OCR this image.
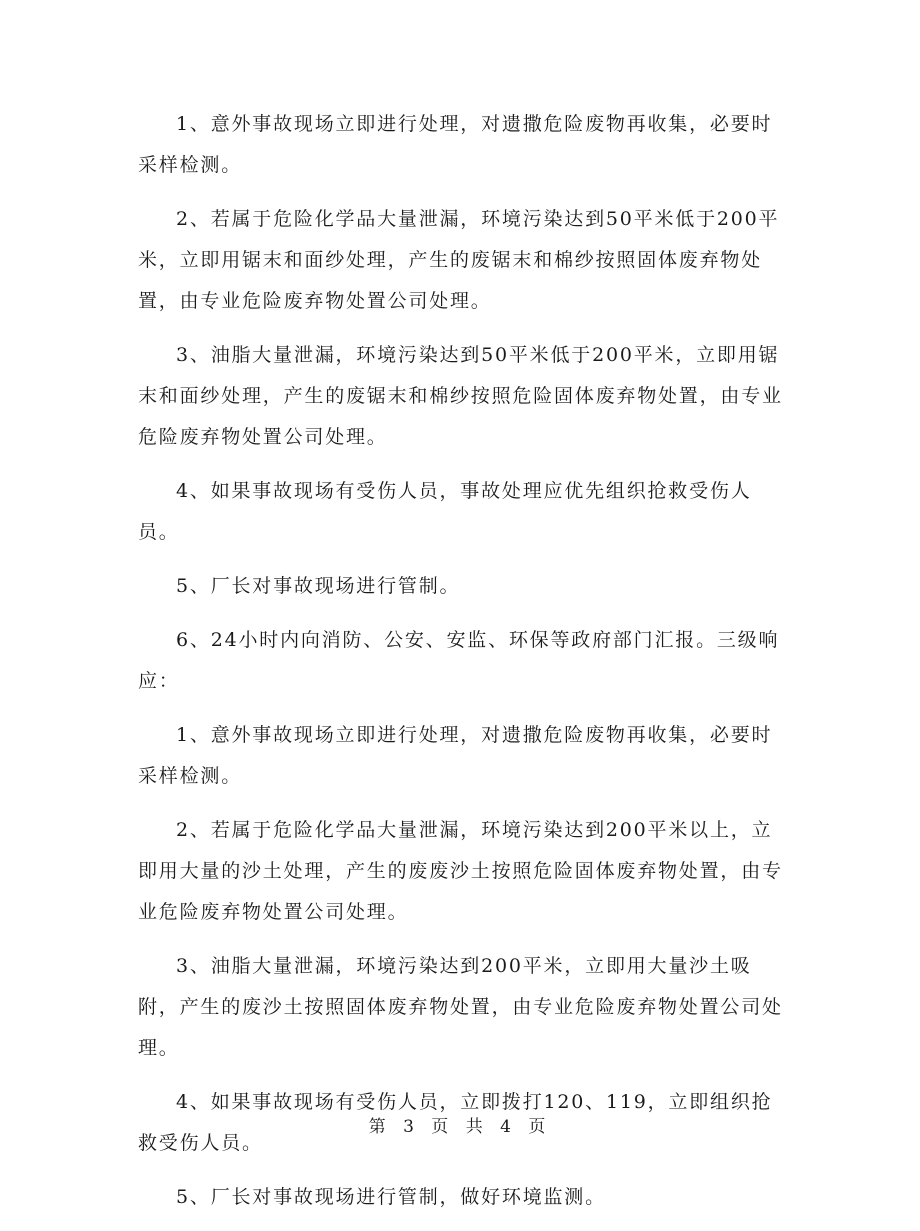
1、意外事故现场立即进行处理，对遗撒危险废物再收集，必要时采样检测。

2、若属于危险化学品大量泄漏，环境污染达到50平米低于200平米，立即用锯末和面纱处理，产生的废锯末和棉纱按照固体废弃物处置，由专业危险废弃物处置公司处理。

3、油脂大量泄漏，环境污染达到50平米低于200平米，立即用锯末和面纱处理，产生的废锯末和棉纱按照危险固体废弃物处置，由专业危险废弃物处置公司处理。

4、如果事故现场有受伤人员，事故处理应优先组织抢救受伤人员。

5、厂长对事故现场进行管制。

6、24小时内向消防、公安、安监、环保等政府部门汇报。三级响应：

1、意外事故现场立即进行处理，对遗撒危险废物再收集，必要时采样检测。

2、若属于危险化学品大量泄漏，环境污染达到200平米以上，立即用大量的沙土处理，产生的废废沙土按照危险固体废弃物处置，由专业危险废弃物处置公司处理。

3、油脂大量泄漏，环境污染达到200平米，立即用大量沙土吸附，产生的废沙土按照固体废弃物处置，由专业危险废弃物处置公司处理。

4、如果事故现场有受伤人员，立即拨打120、119，立即组织抢救受伤人员。

5、厂长对事故现场进行管制，做好环境监测。

第 3 页 共 4 页
